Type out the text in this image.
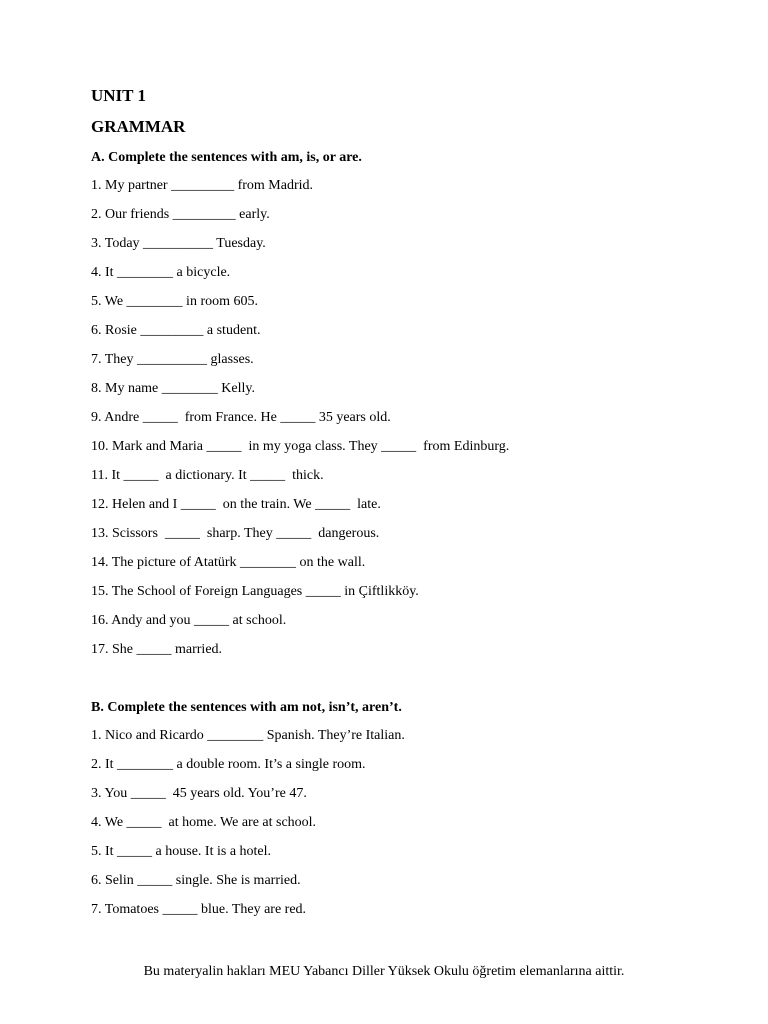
UNIT 1
GRAMMAR

A. Complete the sentences with am, is, or are.

1. My partner _________ from Madrid.
2. Our friends _________ early.
3. Today __________ Tuesday.
4. It ________ a bicycle.
5. We ________ in room 605.
6. Rosie _________ a student.
7. They __________ glasses.
8. My name ________ Kelly.
9. Andre _____  from France. He _____ 35 years old.
10. Mark and Maria _____  in my yoga class. They _____  from Edinburg.
11. It _____  a dictionary. It _____  thick.
12. Helen and I _____  on the train. We _____  late.
13. Scissors  _____  sharp. They _____  dangerous.
14. The picture of Atatürk ________ on the wall.
15. The School of Foreign Languages _____ in Çiftlikköy.
16. Andy and you _____ at school.
17. She _____ married.

B. Complete the sentences with am not, isn’t, aren’t.

1. Nico and Ricardo ________ Spanish. They’re Italian.
2. It ________ a double room. It’s a single room.
3. You _____  45 years old. You’re 47.
4. We _____  at home. We are at school.
5. It _____ a house. It is a hotel.
6. Selin _____ single. She is married.
7. Tomatoes _____ blue. They are red.

Bu materyalin hakları MEU Yabancı Diller Yüksek Okulu öğretim elemanlarına aittir.
